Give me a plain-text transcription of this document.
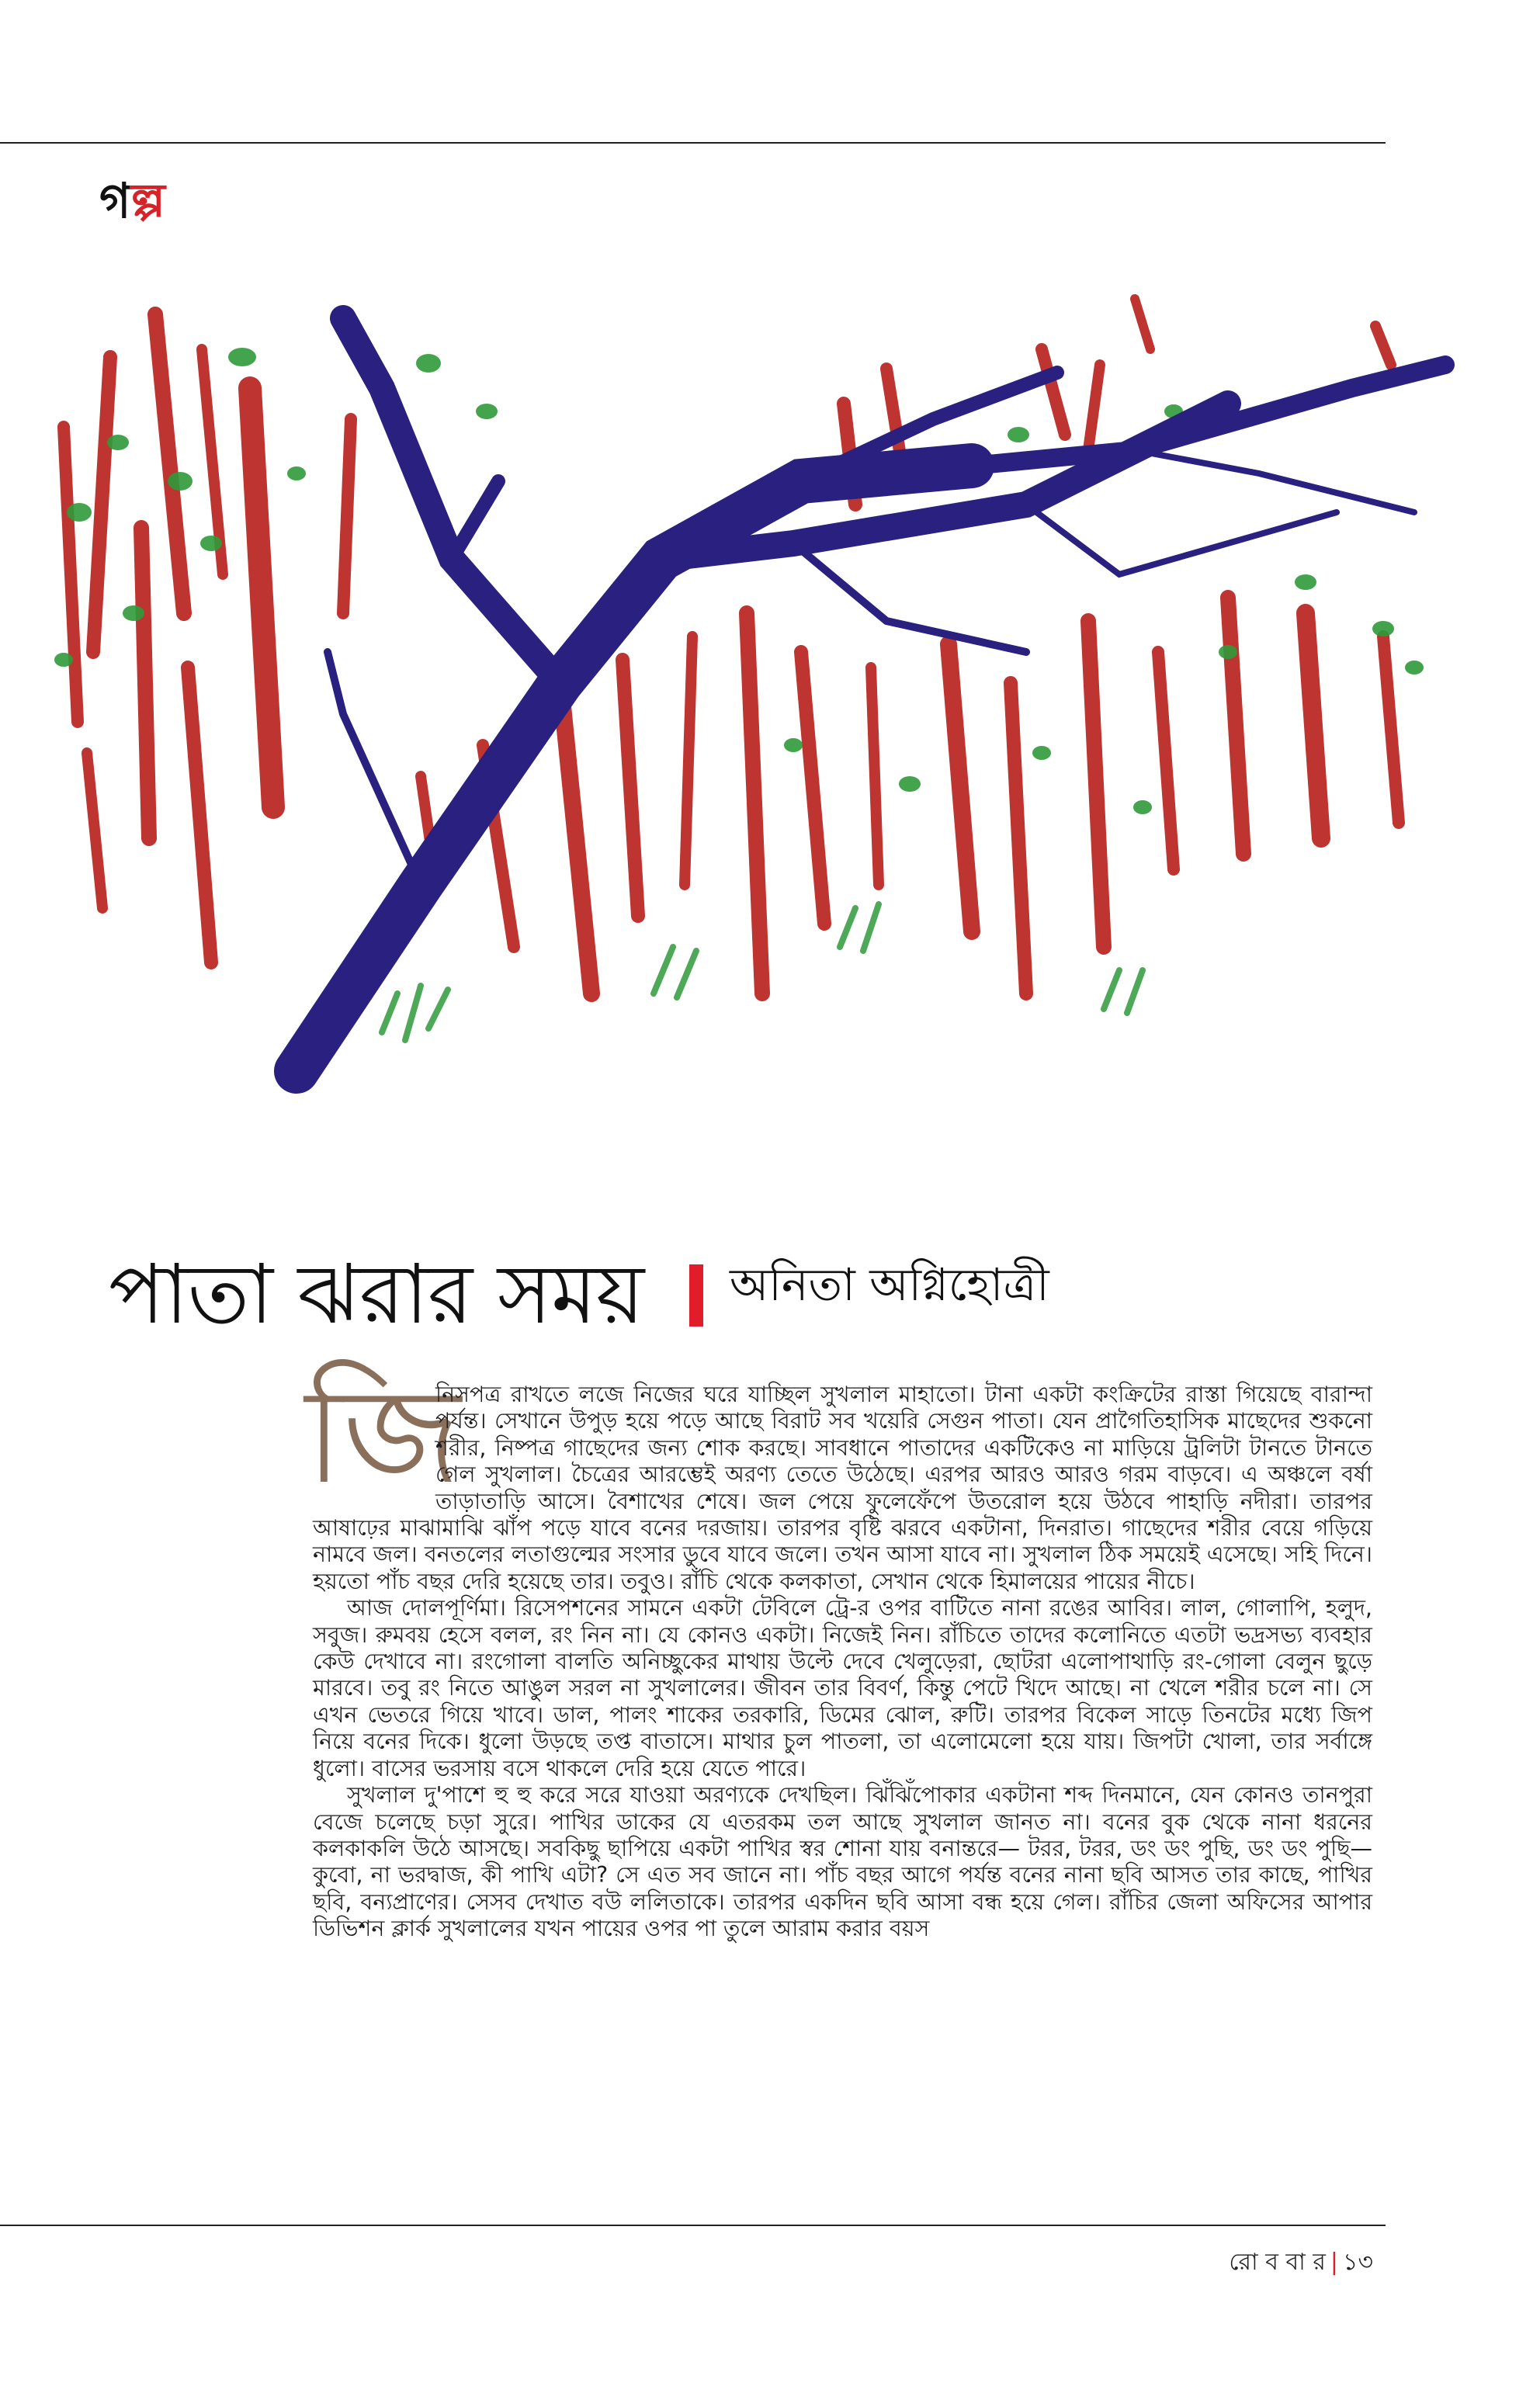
গল্প
পাতা ঝরার সময় অনিতা অগ্নিহোত্রী
জি

নিসপত্র রাখতে লজে নিজের ঘরে যাচ্ছিল সুখলাল মাহাতো। টানা একটা কংক্রিটের রাস্তা গিয়েছে বারান্দা পর্যন্ত। সেখানে উপুড় হয়ে পড়ে আছে বিরাট সব খয়েরি সেগুন পাতা। যেন প্রাগৈতিহাসিক মাছেদের শুকনো শরীর, নিষ্পত্র গাছেদের জন্য শোক করছে। সাবধানে পাতাদের একটিকেও না মাড়িয়ে ট্রলিটা টানতে টানতে গেল সুখলাল। চৈত্রের আরম্ভেই অরণ্য তেতে উঠেছে। এরপর আরও আরও গরম বাড়বে। এ অঞ্চলে বর্ষা তাড়াতাড়ি আসে। বৈশাখের শেষে। জল পেয়ে ফুলেফেঁপে উতরোল হয়ে উঠবে পাহাড়ি নদীরা। তারপর আষাঢ়ের মাঝামাঝি ঝাঁপ পড়ে যাবে বনের দরজায়। তারপর বৃষ্টি ঝরবে একটানা, দিনরাত। গাছেদের শরীর বেয়ে গড়িয়ে নামবে জল। বনতলের লতাগুল্মের সংসার ডুবে যাবে জলে। তখন আসা যাবে না। সুখলাল ঠিক সময়েই এসেছে। সহি দিনে। হয়তো পাঁচ বছর দেরি হয়েছে তার। তবুও। রাঁচি থেকে কলকাতা, সেখান থেকে হিমালয়ের পায়ের নীচে।

আজ দোলপূর্ণিমা। রিসেপশনের সামনে একটা টেবিলে ট্রে-র ওপর বাটিতে নানা রঙের আবির। লাল, গোলাপি, হলুদ, সবুজ। রুমবয় হেসে বলল, রং নিন না। যে কোনও একটা। নিজেই নিন। রাঁচিতে তাদের কলোনিতে এতটা ভদ্রসভ্য ব্যবহার কেউ দেখাবে না। রংগোলা বালতি অনিচ্ছুকের মাথায় উল্টে দেবে খেলুড়েরা, ছোটরা এলোপাথাড়ি রং-গোলা বেলুন ছুড়ে মারবে। তবু রং নিতে আঙুল সরল না সুখলালের। জীবন তার বিবর্ণ, কিন্তু পেটে খিদে আছে। না খেলে শরীর চলে না। সে এখন ভেতরে গিয়ে খাবে। ডাল, পালং শাকের তরকারি, ডিমের ঝোল, রুটি। তারপর বিকেল সাড়ে তিনটের মধ্যে জিপ নিয়ে বনের দিকে। ধুলো উড়ছে তপ্ত বাতাসে। মাথার চুল পাতলা, তা এলোমেলো হয়ে যায়। জিপটা খোলা, তার সর্বাঙ্গে ধুলো। বাসের ভরসায় বসে থাকলে দেরি হয়ে যেতে পারে।

সুখলাল দু'পাশে হু হু করে সরে যাওয়া অরণ্যকে দেখছিল। ঝিঁঝিঁপোকার একটানা শব্দ দিনমানে, যেন কোনও তানপুরা বেজে চলেছে চড়া সুরে। পাখির ডাকের যে এতরকম তল আছে সুখলাল জানত না। বনের বুক থেকে নানা ধরনের কলকাকলি উঠে আসছে। সবকিছু ছাপিয়ে একটা পাখির স্বর শোনা যায় বনান্তরে— টরর, টরর, ডং ডং পুছি, ডং ডং পুছি— কুবো, না ভরদ্বাজ, কী পাখি এটা? সে এত সব জানে না। পাঁচ বছর আগে পর্যন্ত বনের নানা ছবি আসত তার কাছে, পাখির ছবি, বন্যপ্রাণের। সেসব দেখাত বউ ললিতাকে। তারপর একদিন ছবি আসা বন্ধ হয়ে গেল। রাঁচির জেলা অফিসের আপার ডিভিশন ক্লার্ক সুখলালের যখন পায়ের ওপর পা তুলে আরাম করার বয়স

রো ব বা র | ১৩
